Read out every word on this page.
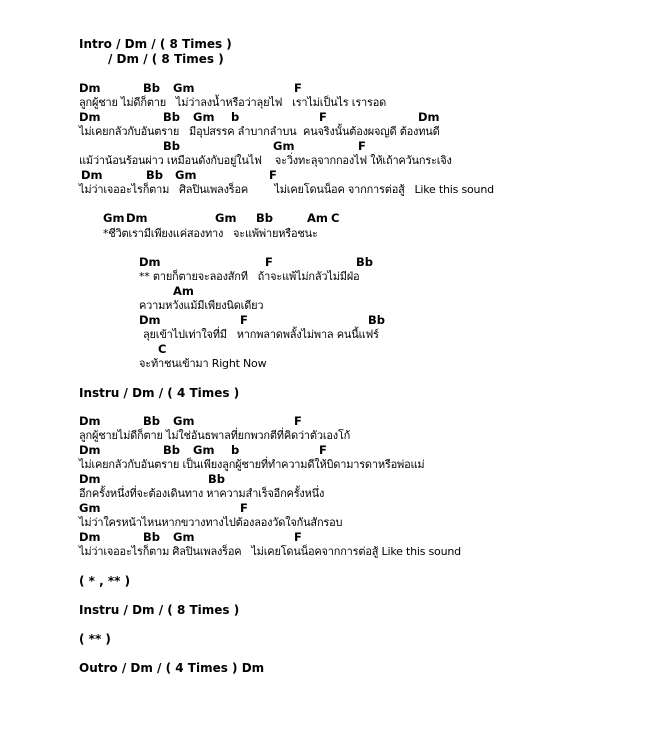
Intro / Dm / ( 8 Times )
/ Dm / ( 8 Times )
Dm	Bb Gm	F
ลูกผู้ชาย ไม่ดีก็ตาย   ไม่ว่าลงน้ำหรือว่าลุยไฟ   เราไม่เป็นไร เรารอด
Dm	Bb Gm b	F	Dm
ไม่เคยกลัวกับอันตราย   มีอุปสรรค ลำบากลำบน  คนจริงนั้นต้องผจญดี ต้องทนดี
Bb	Gm	F
แม้ว่าน้อนร้อนผ่าว เหมือนดังกับอยู่ในไฟ    จะวิ่งทะลุจากกองไฟ ให้เถ้าควันกระเจิง
Dm	Bb Gm	F
ไม่ว่าเจออะไรก็ตาม   ศิลปินเพลงร็อค        ไม่เคยโดนน็อค จากการต่อสู้   Like this sound
Gm Dm	Gm Bb	Am C
*ชีวิตเรามีเพียงแค่สองทาง   จะแพ้พ่ายหรือชนะ
Dm	F	Bb
** ตายก็ตายจะลองสักที   ถ้าจะแพ้ไม่กลัวไม่มีฝ่อ
Am
ความหวังแม้มีเพียงนิดเดียว
Dm	F	Bb
ลุยเข้าไปเท่าใจที่มี   หากพลาดพลั้งไม่พาล คนนี้แฟร์
C
จะท้าชนเข้ามา Right Now
Instru / Dm / ( 4 Times )
Dm	Bb Gm	F
ลูกผู้ชายไม่ดีก็ตาย ไม่ใช่อันธพาลที่ยกพวกตีที่คิดว่าตัวเองโก้
Dm	Bb Gm b	F
ไม่เคยกลัวกับอันตราย เป็นเพียงลูกผู้ชายที่ทำความดีให้บิดามารดาหรือพ่อแม่
Dm	Bb
อีกครั้งหนึ่งที่จะต้องเดินทาง หาความสำเร็จอีกครั้งหนึ่ง
Gm	F
ไม่ว่าใครหน้าไหนหากขวางทางไปต้องลองวัดใจกันสักรอบ
Dm	Bb Gm	F
ไม่ว่าเจออะไรก็ตาม ศิลปินเพลงร็อค   ไม่เคยโดนน็อคจากการต่อสู้ Like this sound
( * , ** )
Instru / Dm / ( 8 Times )
( ** )
Outro / Dm / ( 4 Times ) Dm
